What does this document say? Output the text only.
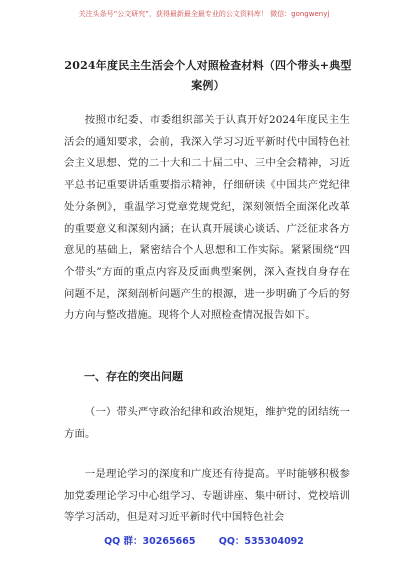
关注头条号“公文研究”，获得最新最全最专业的公文资料库！ 微信：gongwenyj
2024年度民主生活会个人对照检查材料（四个带头+典型案例）

按照市纪委、市委组织部关于认真开好2024年度民主生活会的通知要求，会前，我深入学习习近平新时代中国特色社会主义思想、党的二十大和二十届二中、三中全会精神，习近平总书记重要讲话重要指示精神，仔细研读《中国共产党纪律处分条例》，重温学习党章党规党纪，深刻领悟全面深化改革的重要意义和深刻内涵；在认真开展谈心谈话、广泛征求各方意见的基础上，紧密结合个人思想和工作实际。紧紧围绕“四个带头”方面的重点内容及反面典型案例，深入查找自身存在问题不足，深刻剖析问题产生的根源，进一步明确了今后的努力方向与整改措施。现将个人对照检查情况报告如下。

一、存在的突出问题

（一）带头严守政治纪律和政治规矩，维护党的团结统一方面。

一是理论学习的深度和广度还有待提高。平时能够积极参加党委理论学习中心组学习、专题讲座、集中研讨、党校培训等学习活动，但是对习近平新时代中国特色社会

QQ 群：30265665 QQ：535304092
